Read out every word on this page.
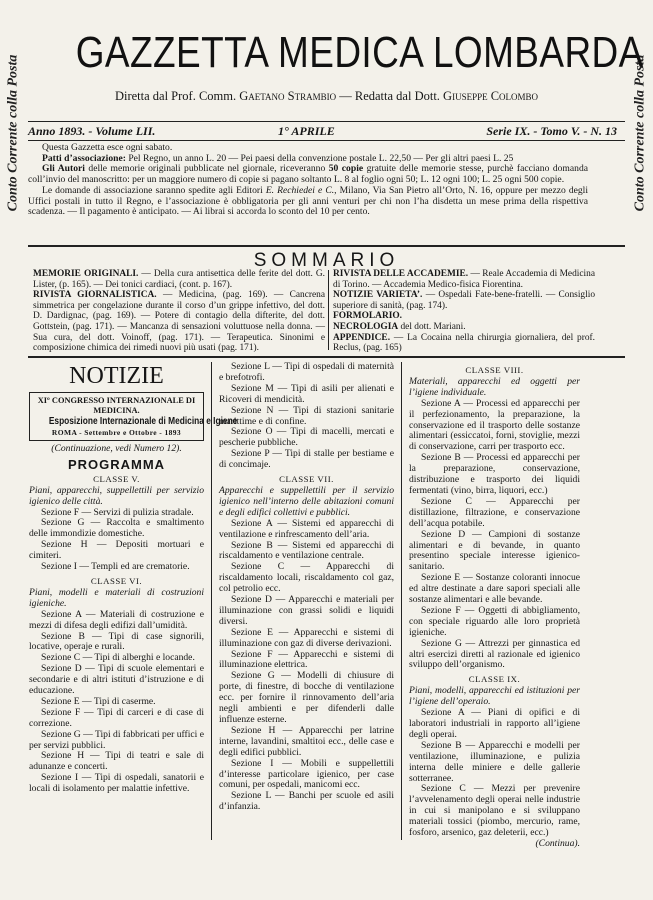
Conto Corrente colla Posta	Conto Corrente colla Posta
GAZZETTA MEDICA LOMBARDA
Diretta dal Prof. Comm. Gaetano Strambio — Redatta dal Dott. Giuseppe Colombo
Anno 1893. - Volume LII.	1° APRILE	Serie IX. - Tomo V. - N. 13

Questa Gazzetta esce ogni sabato.

Patti d’associazione: Pel Regno, un anno L. 20 — Pei paesi della convenzione postale L. 22,50 — Per gli altri paesi L. 25

Gli Autori delle memorie originali pubblicate nel giornale, riceveranno 50 copie gratuite delle memorie stesse, purchè facciano domanda coll’invio del manoscritto: per un maggiore numero di copie si pagano soltanto L. 8 al foglio ogni 50; L. 12 ogni 100; L. 25 ogni 500 copie.

Le domande di associazione saranno spedite agli Editori E. Rechiedei e C., Milano, Via San Pietro all’Orto, N. 16, oppure per mezzo degli Uffici postali in tutto il Regno, e l’associazione è obbligatoria per gli anni venturi per chi non l’ha disdetta un mese prima della rispettiva scadenza. — Il pagamento è anticipato. — Ai librai si accorda lo sconto del 10 per cento.

SOMMARIO

MEMORIE ORIGINALI. — Della cura antisettica delle ferite del dott. G. Lister, (p. 165). — Dei tonici cardiaci, (cont. p. 167).

RIVISTA GIORNALISTICA. — Medicina, (pag. 169). — Cancrena simmetrica per congelazione durante il corso d’un grippe infettivo, del dott. D. Dardignac, (pag. 169). — Potere di contagio della difterite, del dott. Gottstein, (pag. 171). — Mancanza di sensazioni voluttuose nella donna. — Sua cura, del dott. Voinoff, (pag. 171). — Terapeutica. Sinonimi e composizione chimica dei rimedi nuovi più usati (pag. 171).

RIVISTA DELLE ACCADEMIE. — Reale Accademia di Medicina di Torino. — Accademia Medico-fisica Fiorentina.

NOTIZIE VARIETA’. — Ospedali Fate-bene-fratelli. — Consiglio superiore di sanità, (pag. 174).

FORMOLARIO.

NECROLOGIA del dott. Mariani.

APPENDICE. — La Cocaina nella chirurgia giornaliera, del prof. Reclus, (pag. 165)

NOTIZIE
XIº CONGRESSO INTERNAZIONALE DI MEDICINA.
Esposizione Internazionale di Medicina e Igiene
ROMA - Settembre e Ottobre - 1893
(Continuazione, vedi Numero 12).
PROGRAMMA
CLASSE V.

Piani, apparecchi, suppellettili per servizio igienico delle città.

Sezione F — Servizi di pulizia stradale.

Sezione G — Raccolta e smaltimento delle immondizie domestiche.

Sezione H — Depositi mortuari e cimiteri.

Sezione I — Templi ed are crematorie.

CLASSE VI.

Piani, modelli e materiali di costruzioni igieniche.

Sezione A — Materiali di costruzione e mezzi di difesa degli edifizi dall’umidità.

Sezione B — Tipi di case signorili, locative, operaje e rurali.

Sezione C — Tipi di alberghi e locande.

Sezione D — Tipi di scuole elementari e secondarie e di altri istituti d’istruzione e di educazione.

Sezione E — Tipi di caserme.

Sezione F — Tipi di carceri e di case di correzione.

Sezione G — Tipi di fabbricati per uffici e per servizi pubblici.

Sezione H — Tipi di teatri e sale di adunanze e concerti.

Sezione I — Tipi di ospedali, sanatorii e locali di isolamento per malattie infettive.

Sezione L — Tipi di ospedali di maternità e brefotrofi.

Sezione M — Tipi di asili per alienati e Ricoveri di mendicità.

Sezione N — Tipi di stazioni sanitarie marittime e di confine.

Sezione O — Tipi di macelli, mercati e pescherie pubbliche.

Sezione P — Tipi di stalle per bestiame e di concimaje.

CLASSE VII.

Apparecchi e suppellettili per il servizio igienico nell’interno delle abitazioni comuni e degli edifici collettivi e pubblici.

Sezione A — Sistemi ed apparecchi di ventilazione e rinfrescamento dell’aria.

Sezione B — Sistemi ed apparecchi di riscaldamento e ventilazione centrale.

Sezione C — Apparecchi di riscaldamento locali, riscaldamento col gaz, col petrolio ecc.

Sezione D — Apparecchi e materiali per illuminazione con grassi solidi e liquidi diversi.

Sezione E — Apparecchi e sistemi di illuminazione con gaz di diverse derivazioni.

Sezione F — Apparecchi e sistemi di illuminazione elettrica.

Sezione G — Modelli di chiusure di porte, di finestre, di bocche di ventilazione ecc. per fornire il rinnovamento dell’aria negli ambienti e per difenderli dalle influenze esterne.

Sezione H — Apparecchi per latrine interne, lavandini, smaltitoi ecc., delle case e degli edifici pubblici.

Sezione I — Mobili e suppellettili d’interesse particolare igienico, per case comuni, per ospedali, manicomi ecc.

Sezione L — Banchi per scuole ed asili d’infanzia.

CLASSE VIII.

Materiali, apparecchi ed oggetti per l’igiene individuale.

Sezione A — Processi ed apparecchi per il perfezionamento, la preparazione, la conservazione ed il trasporto delle sostanze alimentari (essiccatoi, forni, stoviglie, mezzi di conservazione, carri per trasporto ecc.

Sezione B — Processi ed apparecchi per la preparazione, conservazione, distribuzione e trasporto dei liquidi fermentati (vino, birra, liquori, ecc.)

Sezione C — Apparecchi per distillazione, filtrazione, e conservazione dell’acqua potabile.

Sezione D — Campioni di sostanze alimentari e di bevande, in quanto presentino speciale interesse igienico-sanitario.

Sezione E — Sostanze coloranti innocue ed altre destinate a dare sapori speciali alle sostanze alimentari e alle bevande.

Sezione F — Oggetti di abbigliamento, con speciale riguardo alle loro proprietà igieniche.

Sezione G — Attrezzi per ginnastica ed altri esercizi diretti al razionale ed igienico sviluppo dell’organismo.

CLASSE IX.

Piani, modelli, apparecchi ed istituzioni per l’igiene dell’operaio.

Sezione A — Piani di opifici e di laboratori industriali in rapporto all’igiene degli operai.

Sezione B — Apparecchi e modelli per ventilazione, illuminazione, e pulizia interna delle miniere e delle gallerie sotterranee.

Sezione C — Mezzi per prevenire l’avvelenamento degli operai nelle industrie in cui si manipolano e si sviluppano materiali tossici (piombo, mercurio, rame, fosforo, arsenico, gaz deleterii, ecc.)

(Continua).
